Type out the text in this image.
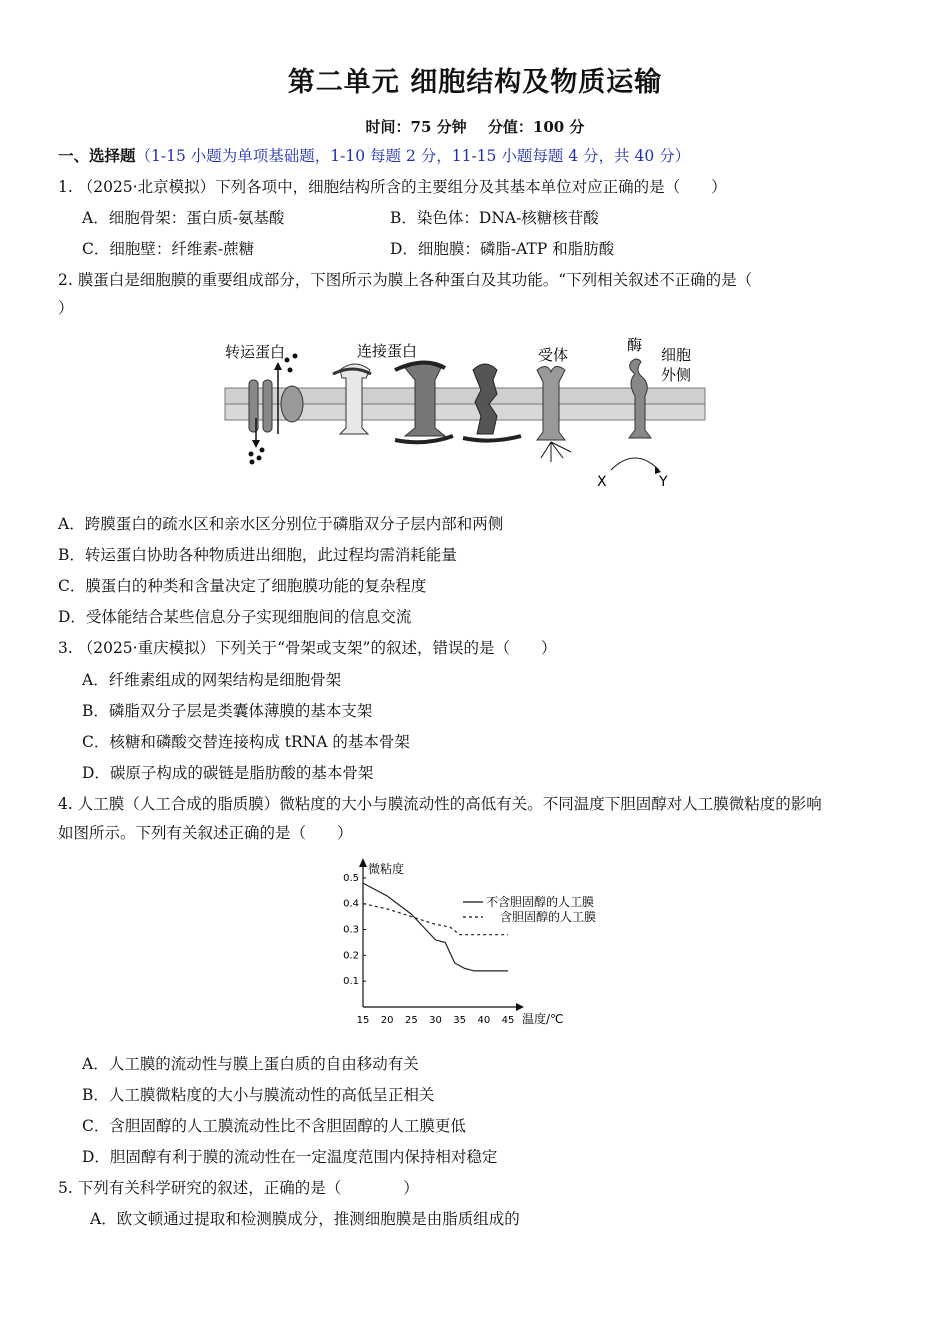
第二单元 细胞结构及物质运输
时间：75 分钟 分值：100 分
一、选择题（1-15 小题为单项基础题，1-10 每题 2 分，11-15 小题每题 4 分，共 40 分）
1. （2025·北京模拟）下列各项中，细胞结构所含的主要组分及其基本单位对应正确的是（　　）
A．细胞骨架：蛋白质-氨基酸	B．染色体：DNA-核糖核苷酸
C．细胞壁：纤维素-蔗糖	D．细胞膜：磷脂-ATP 和脂肪酸
2. 膜蛋白是细胞膜的重要组成部分，下图所示为膜上各种蛋白及其功能。“下列相关叙述不正确的是（
）
转运蛋白	连接蛋白	受体
酶
细胞
外侧
X	Y
A．跨膜蛋白的疏水区和亲水区分别位于磷脂双分子层内部和两侧
B．转运蛋白协助各种物质进出细胞，此过程均需消耗能量
C．膜蛋白的种类和含量决定了细胞膜功能的复杂程度
D．受体能结合某些信息分子实现细胞间的信息交流
3. （2025·重庆模拟）下列关于“骨架或支架”的叙述，错误的是（　　）
A．纤维素组成的网架结构是细胞骨架
B．磷脂双分子层是类囊体薄膜的基本支架
C．核糖和磷酸交替连接构成 tRNA 的基本骨架
D．碳原子构成的碳链是脂肪酸的基本骨架
4. 人工膜（人工合成的脂质膜）微粘度的大小与膜流动性的高低有关。不同温度下胆固醇对人工膜微粘度的影响
如图所示。下列有关叙述正确的是（　　）
微粘度
温度/℃
15 20 25 30 35 40 45
0.1
0.2
0.3
0.4
0.5
不含胆固醇的人工膜
含胆固醇的人工膜
A．人工膜的流动性与膜上蛋白质的自由移动有关
B．人工膜微粘度的大小与膜流动性的高低呈正相关
C．含胆固醇的人工膜流动性比不含胆固醇的人工膜更低
D．胆固醇有利于膜的流动性在一定温度范围内保持相对稳定
5. 下列有关科学研究的叙述，正确的是（　　　　）
A．欧文顿通过提取和检测膜成分，推测细胞膜是由脂质组成的
